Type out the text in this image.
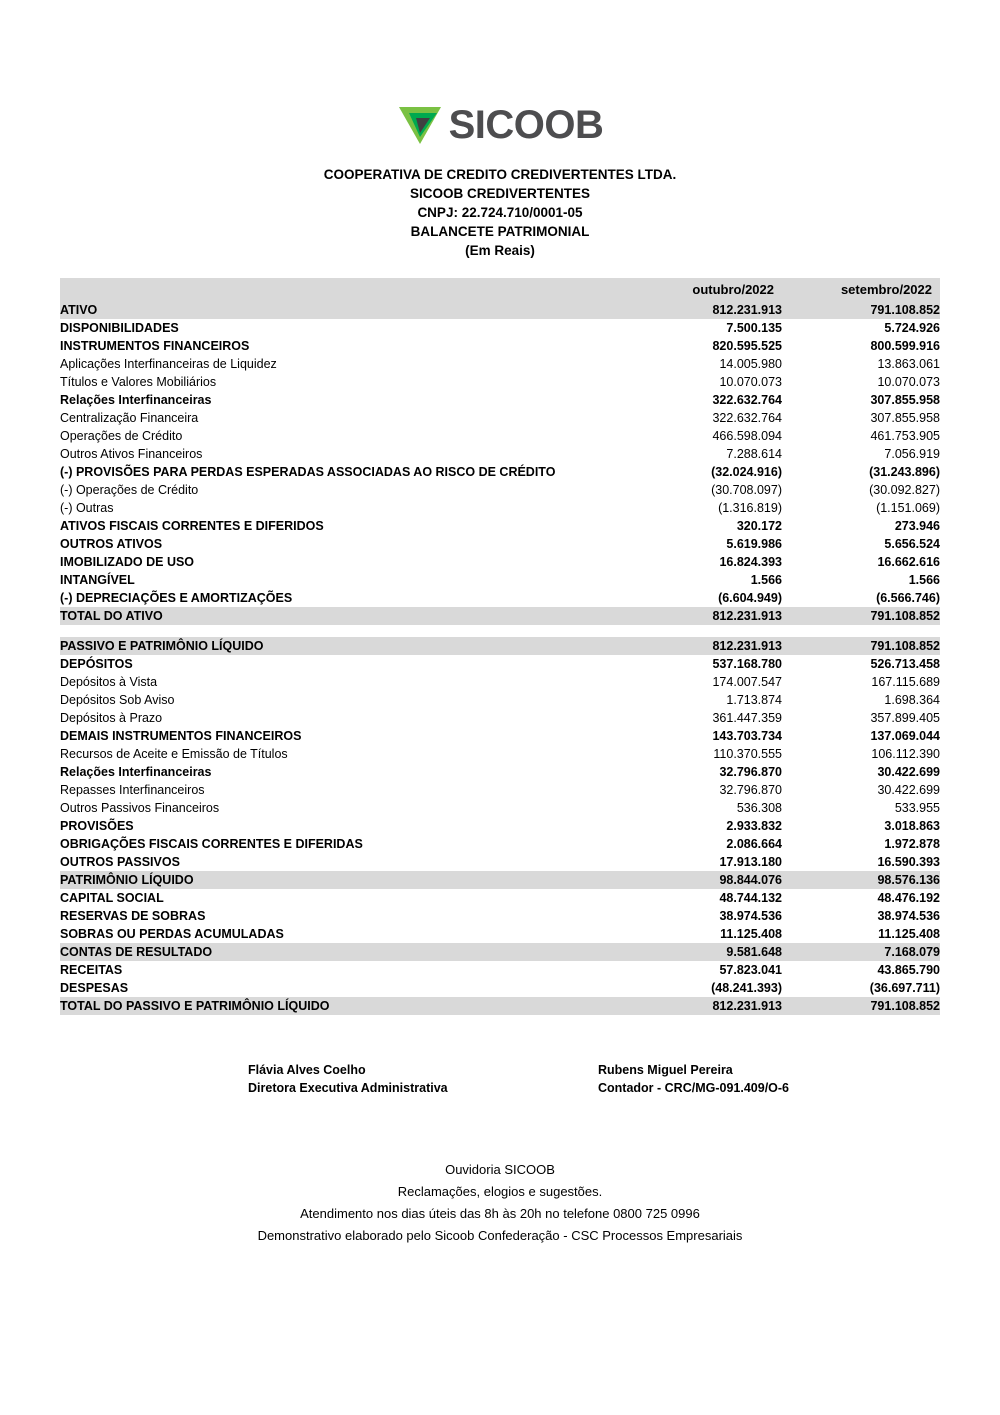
SICOOB
COOPERATIVA DE CREDITO CREDIVERTENTES LTDA.
SICOOB CREDIVERTENTES
CNPJ: 22.724.710/0001-05
BALANCETE PATRIMONIAL
(Em Reais)
	outubro/2022	setembro/2022
ATIVO	812.231.913	791.108.852
DISPONIBILIDADES	7.500.135	5.724.926
INSTRUMENTOS FINANCEIROS	820.595.525	800.599.916
Aplicações Interfinanceiras de Liquidez	14.005.980	13.863.061
Títulos e Valores Mobiliários	10.070.073	10.070.073
Relações Interfinanceiras	322.632.764	307.855.958
Centralização Financeira	322.632.764	307.855.958
Operações de Crédito	466.598.094	461.753.905
Outros Ativos Financeiros	7.288.614	7.056.919
(-) PROVISÕES PARA PERDAS ESPERADAS ASSOCIADAS AO RISCO DE CRÉDITO	(32.024.916)	(31.243.896)
(-) Operações de Crédito	(30.708.097)	(30.092.827)
(-) Outras	(1.316.819)	(1.151.069)
ATIVOS FISCAIS CORRENTES E DIFERIDOS	320.172	273.946
OUTROS ATIVOS	5.619.986	5.656.524
IMOBILIZADO DE USO	16.824.393	16.662.616
INTANGÍVEL	1.566	1.566
(-) DEPRECIAÇÕES E AMORTIZAÇÕES	(6.604.949)	(6.566.746)
TOTAL DO ATIVO	812.231.913	791.108.852

PASSIVO E PATRIMÔNIO LÍQUIDO	812.231.913	791.108.852
DEPÓSITOS	537.168.780	526.713.458
Depósitos à Vista	174.007.547	167.115.689
Depósitos Sob Aviso	1.713.874	1.698.364
Depósitos à Prazo	361.447.359	357.899.405
DEMAIS INSTRUMENTOS FINANCEIROS	143.703.734	137.069.044
Recursos de Aceite e Emissão de Títulos	110.370.555	106.112.390
Relações Interfinanceiras	32.796.870	30.422.699
Repasses Interfinanceiros	32.796.870	30.422.699
Outros Passivos Financeiros	536.308	533.955
PROVISÕES	2.933.832	3.018.863
OBRIGAÇÕES FISCAIS CORRENTES E DIFERIDAS	2.086.664	1.972.878
OUTROS PASSIVOS	17.913.180	16.590.393
PATRIMÔNIO LÍQUIDO	98.844.076	98.576.136
CAPITAL SOCIAL	48.744.132	48.476.192
RESERVAS DE SOBRAS	38.974.536	38.974.536
SOBRAS OU PERDAS ACUMULADAS	11.125.408	11.125.408
CONTAS DE RESULTADO	9.581.648	7.168.079
RECEITAS	57.823.041	43.865.790
DESPESAS	(48.241.393)	(36.697.711)
TOTAL DO PASSIVO E PATRIMÔNIO LÍQUIDO	812.231.913	791.108.852
Flávia Alves Coelho
Diretora Executiva Administrativa
Rubens Miguel Pereira
Contador - CRC/MG-091.409/O-6
Ouvidoria SICOOB
Reclamações, elogios e sugestões.
Atendimento nos dias úteis das 8h às 20h no telefone 0800 725 0996
Demonstrativo elaborado pelo Sicoob Confederação - CSC Processos Empresariais
